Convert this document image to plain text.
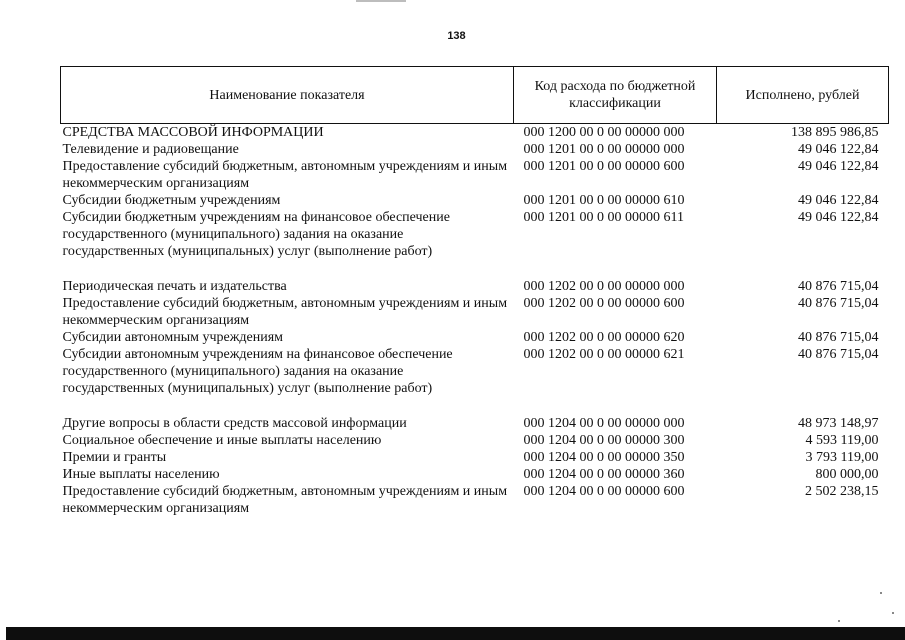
138
Наименование показателя	Код расхода по бюджетной классификации	Исполнено, рублей
СРЕДСТВА МАССОВОЙ ИНФОРМАЦИИ	000 1200 00 0 00 00000 000	138 895 986,85
Телевидение и радиовещание	000 1201 00 0 00 00000 000	49 046 122,84
Предоставление субсидий бюджетным, автономным учреждениям и иным некоммерческим организациям	000 1201 00 0 00 00000 600	49 046 122,84
Субсидии бюджетным учреждениям	000 1201 00 0 00 00000 610	49 046 122,84
Субсидии бюджетным учреждениям на финансовое обеспечение государственного (муниципального) задания на оказание государственных (муниципальных) услуг (выполнение работ)	000 1201 00 0 00 00000 611	49 046 122,84
Периодическая печать и издательства	000 1202 00 0 00 00000 000	40 876 715,04
Предоставление субсидий бюджетным, автономным учреждениям и иным некоммерческим организациям	000 1202 00 0 00 00000 600	40 876 715,04
Субсидии автономным учреждениям	000 1202 00 0 00 00000 620	40 876 715,04
Субсидии автономным учреждениям на финансовое обеспечение государственного (муниципального) задания на оказание государственных (муниципальных) услуг (выполнение работ)	000 1202 00 0 00 00000 621	40 876 715,04
Другие вопросы в области средств массовой информации	000 1204 00 0 00 00000 000	48 973 148,97
Социальное обеспечение и иные выплаты населению	000 1204 00 0 00 00000 300	4 593 119,00
Премии и гранты	000 1204 00 0 00 00000 350	3 793 119,00
Иные выплаты населению	000 1204 00 0 00 00000 360	800 000,00
Предоставление субсидий бюджетным, автономным учреждениям и иным некоммерческим организациям	000 1204 00 0 00 00000 600	2 502 238,15
